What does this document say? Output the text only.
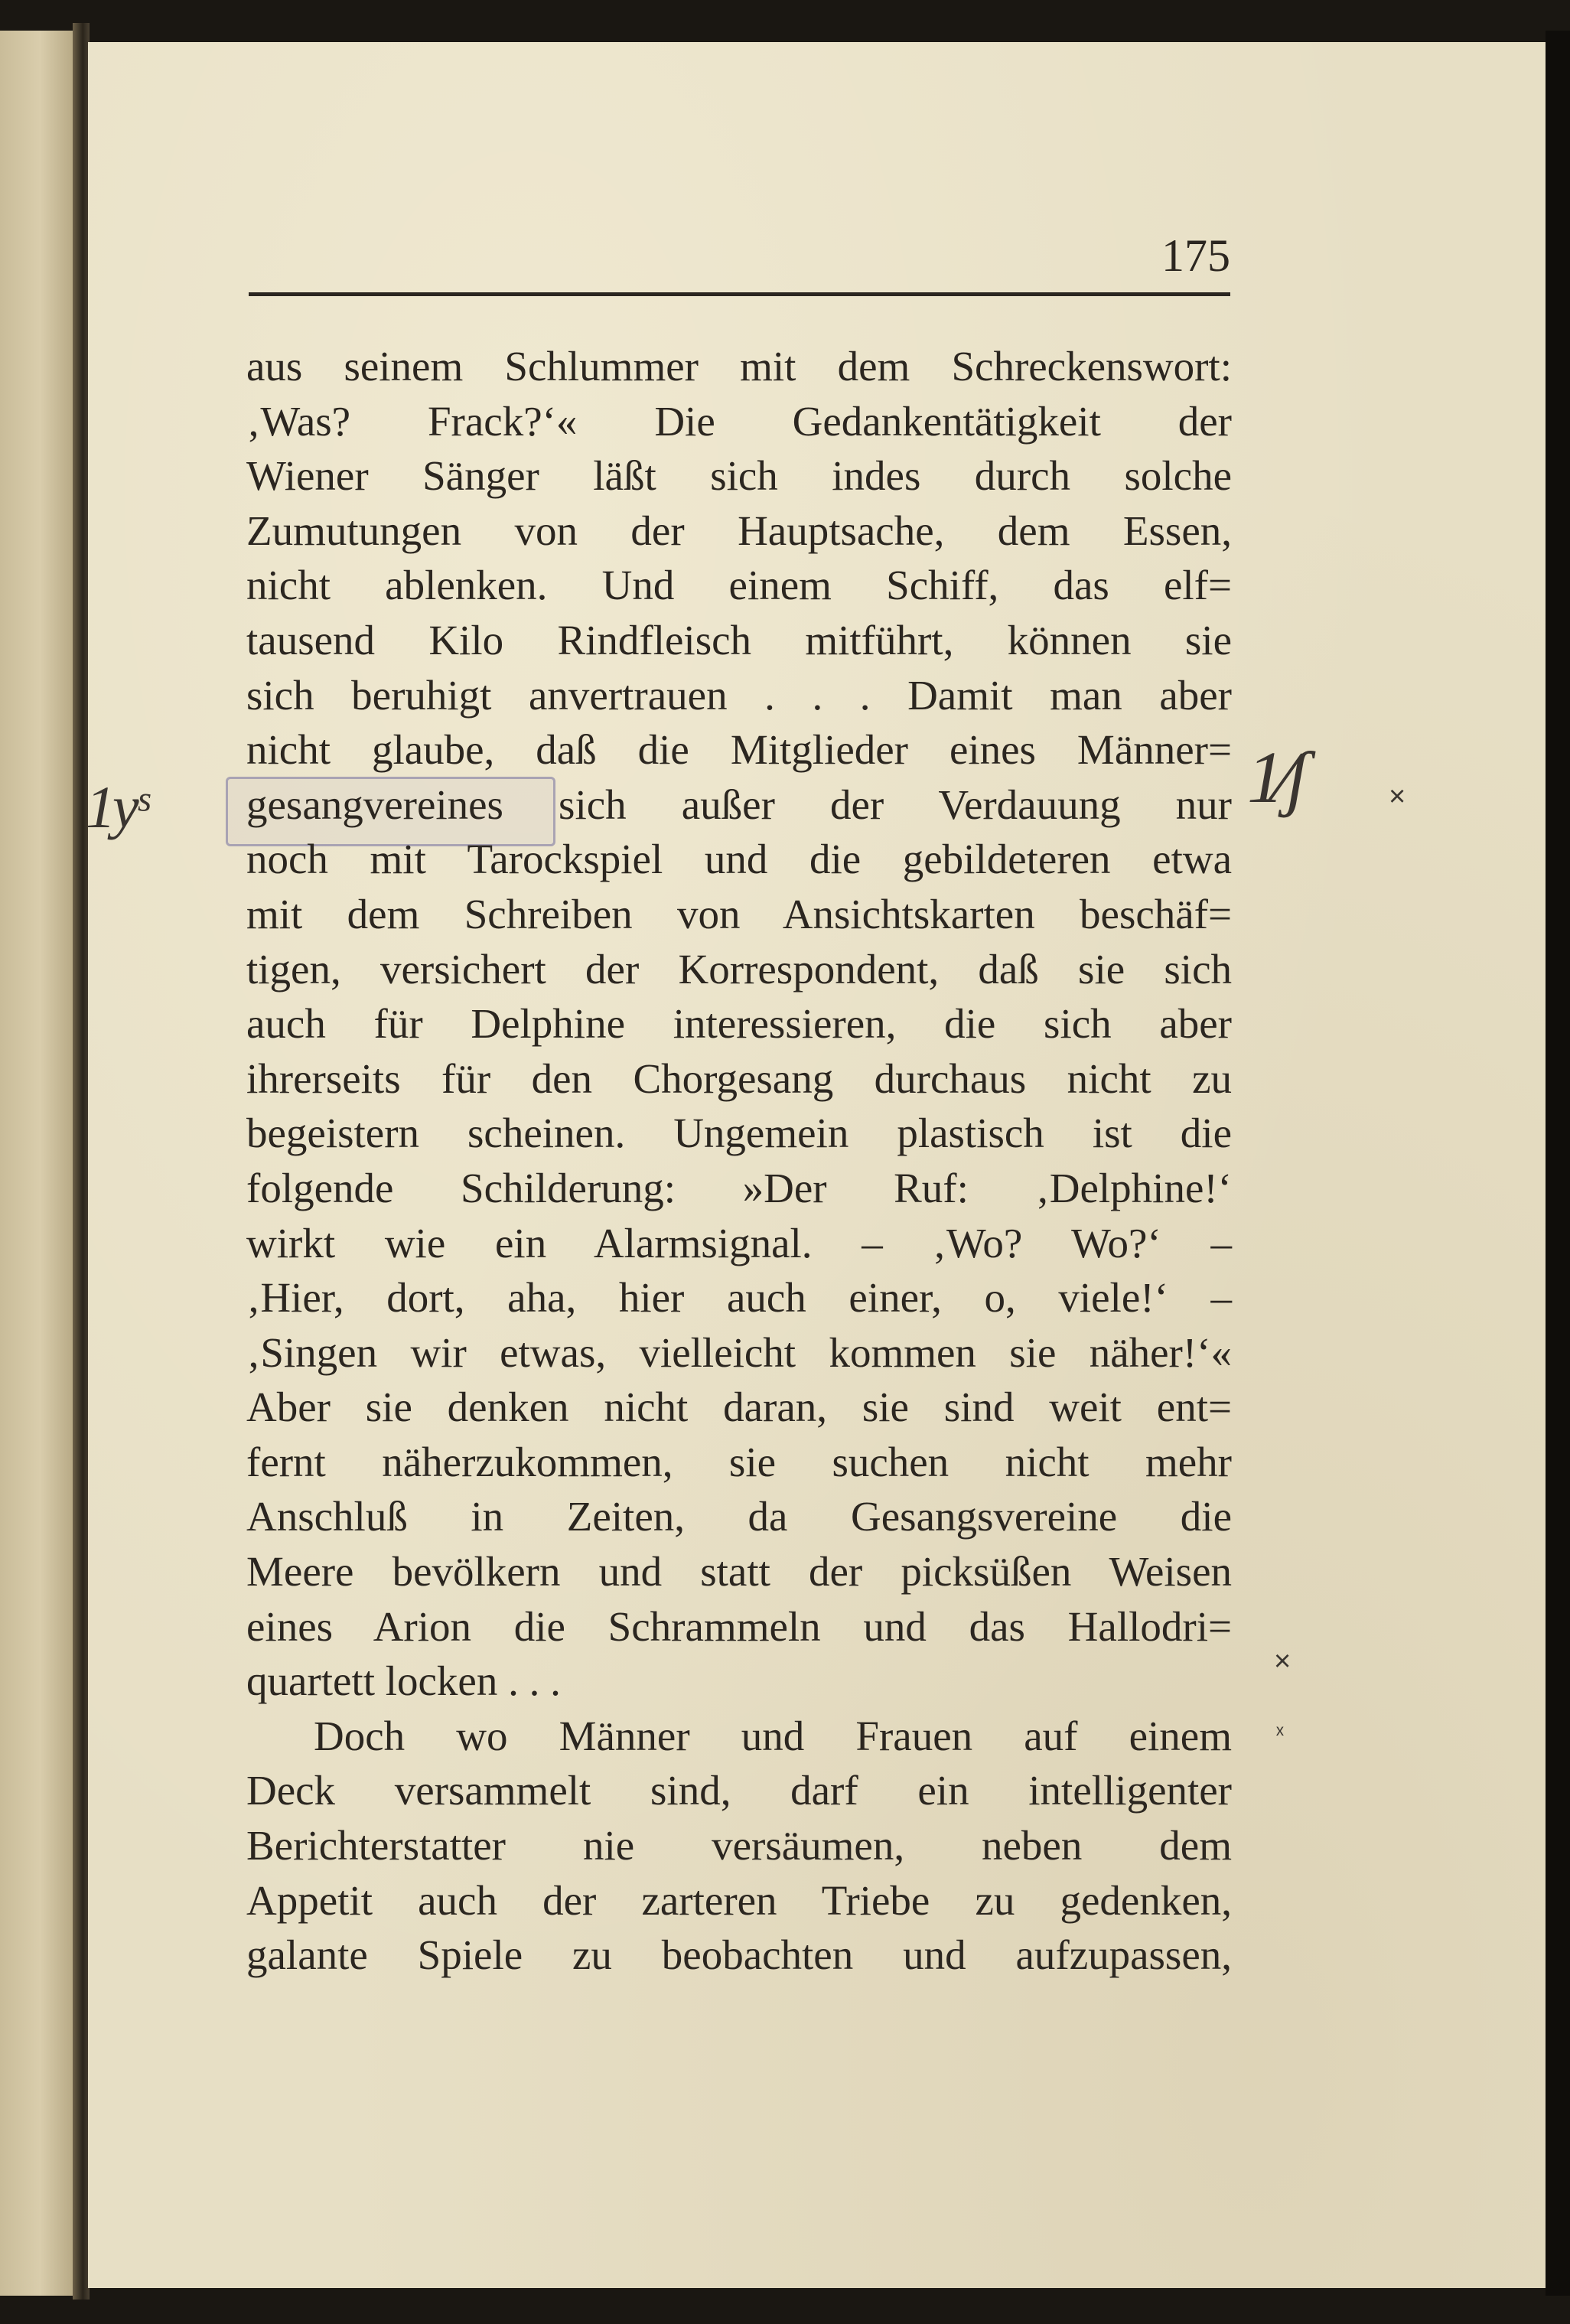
175

aus seinem Schlummer mit dem Schreckenswort:
‚Was? Frack?‘« Die Gedankentätigkeit der
Wiener Sänger läßt sich indes durch solche
Zumutungen von der Hauptsache, dem Essen,
nicht ablenken. Und einem Schiff, das elf=
tausend Kilo Rindfleisch mitführt, können sie
sich beruhigt anvertrauen . . . Damit man aber
nicht glaube, daß die Mitglieder eines Männer=
gesangvereines sich außer der Verdauung nur
noch mit Tarockspiel und die gebildeteren etwa
mit dem Schreiben von Ansichtskarten beschäf=
tigen, versichert der Korrespondent, daß sie sich
auch für Delphine interessieren, die sich aber
ihrerseits für den Chorgesang durchaus nicht zu
begeistern scheinen. Ungemein plastisch ist die
folgende Schilderung: »Der Ruf: ‚Delphine!‘
wirkt wie ein Alarmsignal. – ‚Wo? Wo?‘ –
‚Hier, dort, aha, hier auch einer, o, viele!‘ –
‚Singen wir etwas, vielleicht kommen sie näher!‘«
Aber sie denken nicht daran, sie sind weit ent=
fernt näherzukommen, sie suchen nicht mehr
Anschluß in Zeiten, da Gesangsvereine die
Meere bevölkern und statt der picksüßen Weisen
eines Arion die Schrammeln und das Hallodri=
quartett locken . . .
Doch wo Männer und Frauen auf einem
Deck versammelt sind, darf ein intelligenter
Berichterstatter nie versäumen, neben dem
Appetit auch der zarteren Triebe zu gedenken,
galante Spiele zu beobachten und aufzupassen,
1yˢ	1⁄ʃ	×
×
ₓ
